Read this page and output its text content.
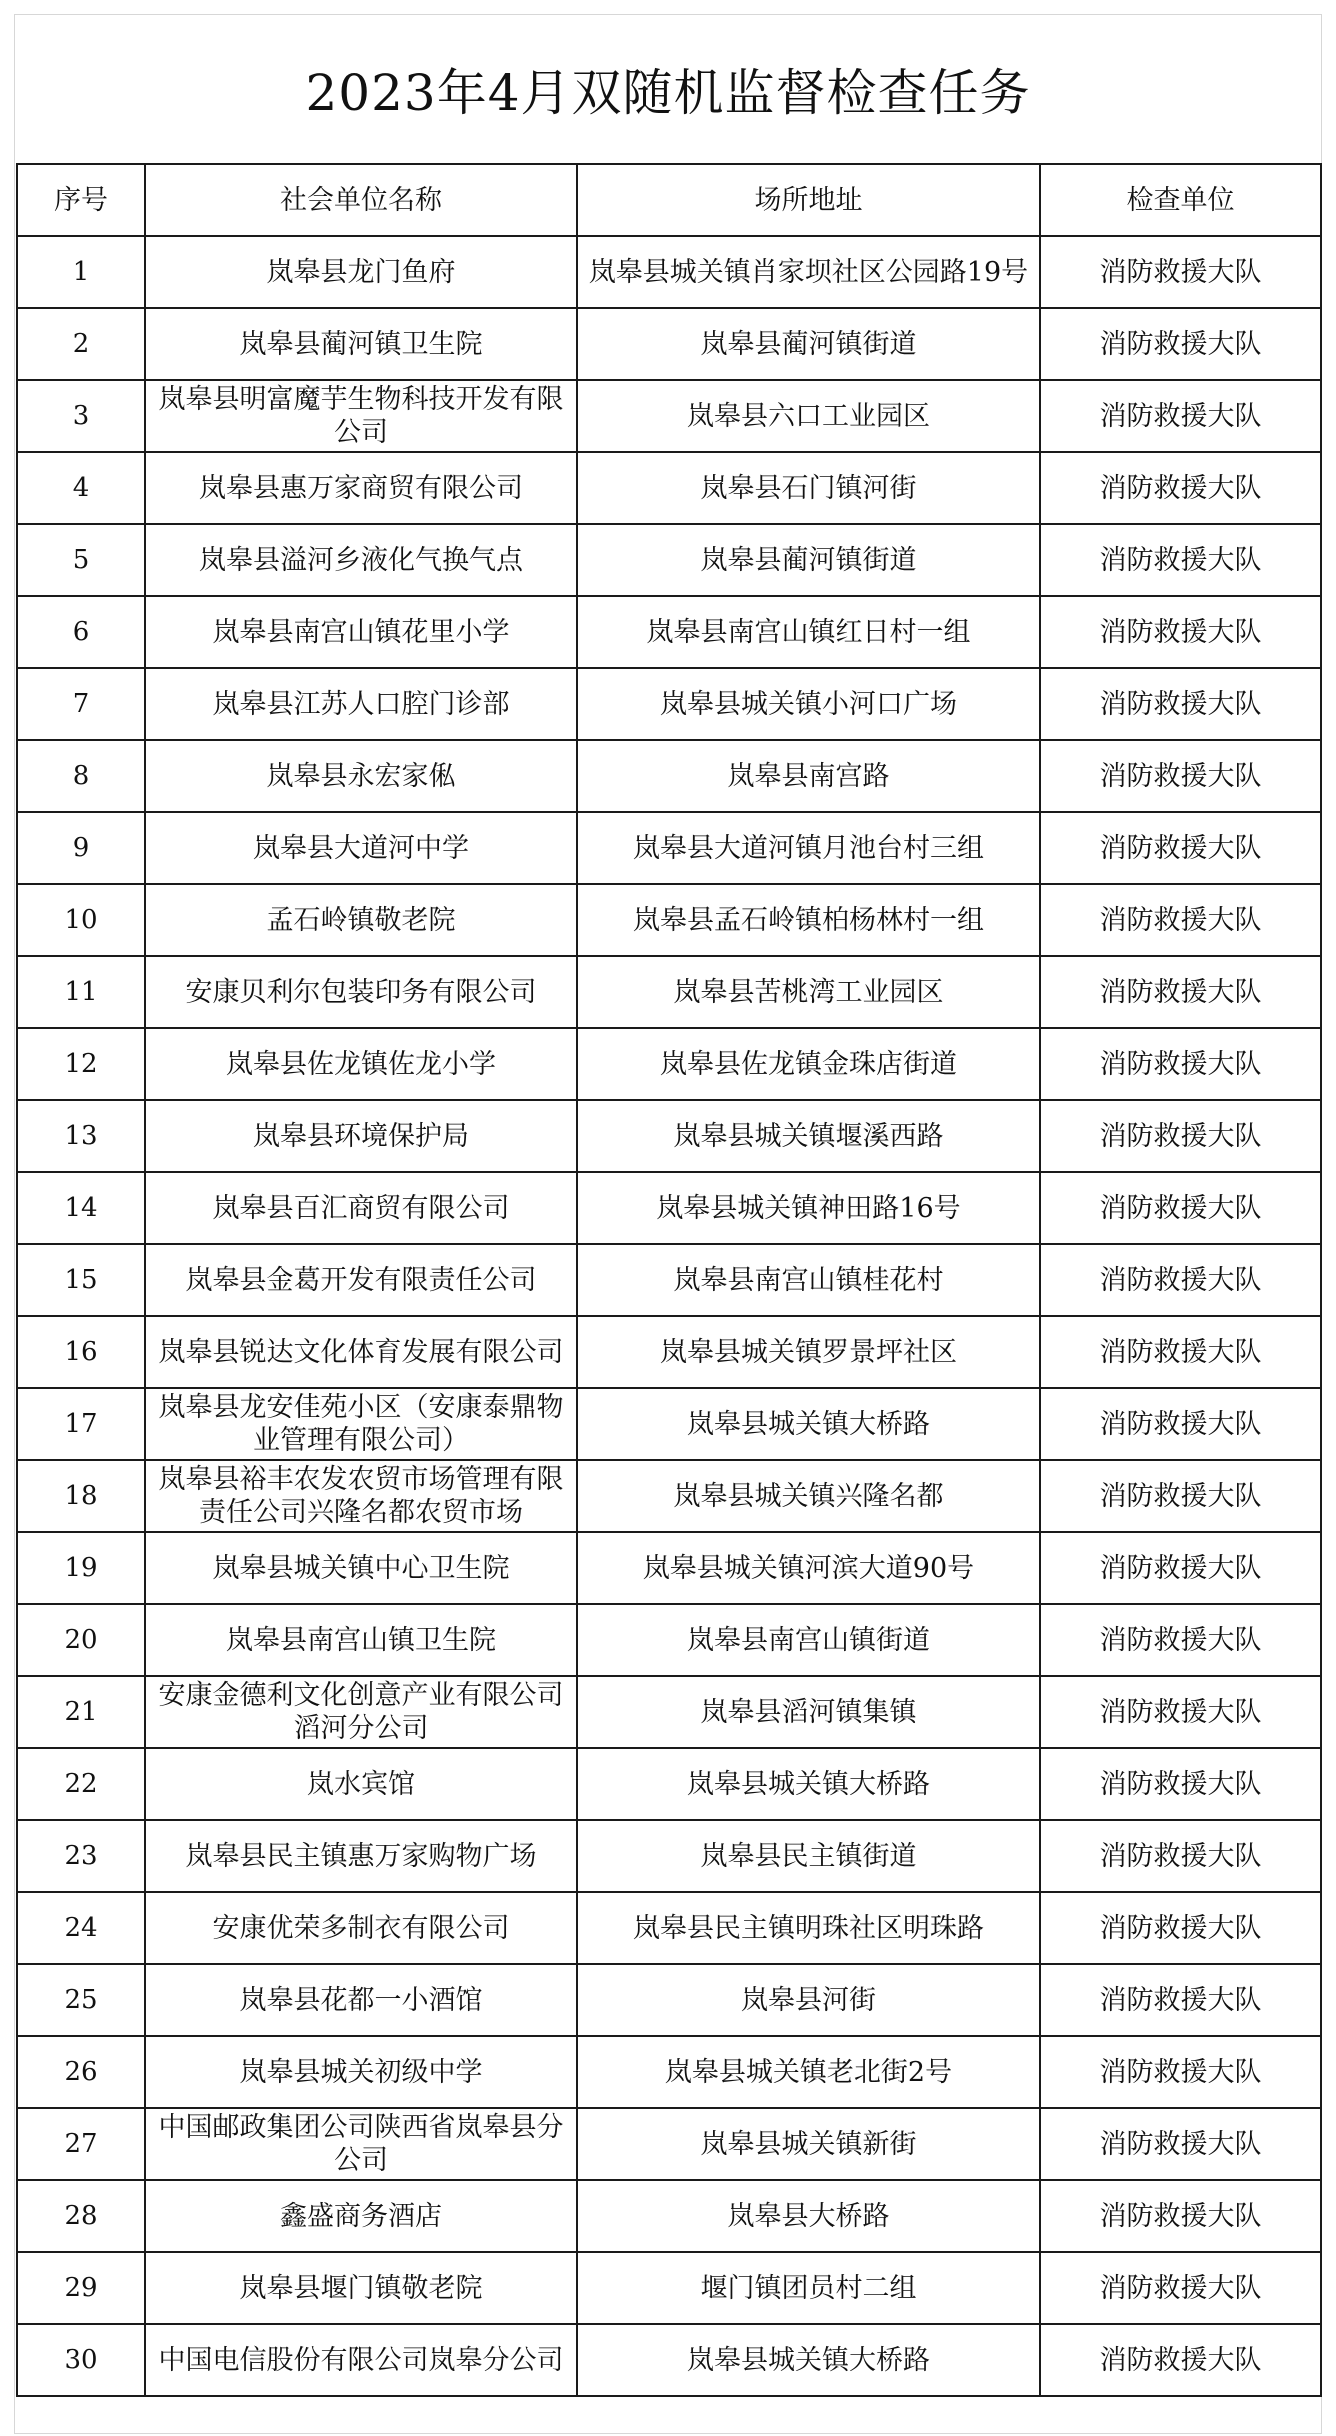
2023年4月双随机监督检查任务
序号	社会单位名称	场所地址	检查单位
1	岚皋县龙门鱼府	岚皋县城关镇肖家坝社区公园路19号	消防救援大队
2	岚皋县蔺河镇卫生院	岚皋县蔺河镇街道	消防救援大队
3	岚皋县明富魔芋生物科技开发有限公司	岚皋县六口工业园区	消防救援大队
4	岚皋县惠万家商贸有限公司	岚皋县石门镇河街	消防救援大队
5	岚皋县溢河乡液化气换气点	岚皋县蔺河镇街道	消防救援大队
6	岚皋县南宫山镇花里小学	岚皋县南宫山镇红日村一组	消防救援大队
7	岚皋县江苏人口腔门诊部	岚皋县城关镇小河口广场	消防救援大队
8	岚皋县永宏家俬	岚皋县南宫路	消防救援大队
9	岚皋县大道河中学	岚皋县大道河镇月池台村三组	消防救援大队
10	孟石岭镇敬老院	岚皋县孟石岭镇柏杨林村一组	消防救援大队
11	安康贝利尔包装印务有限公司	岚皋县苦桃湾工业园区	消防救援大队
12	岚皋县佐龙镇佐龙小学	岚皋县佐龙镇金珠店街道	消防救援大队
13	岚皋县环境保护局	岚皋县城关镇堰溪西路	消防救援大队
14	岚皋县百汇商贸有限公司	岚皋县城关镇神田路16号	消防救援大队
15	岚皋县金葛开发有限责任公司	岚皋县南宫山镇桂花村	消防救援大队
16	岚皋县锐达文化体育发展有限公司	岚皋县城关镇罗景坪社区	消防救援大队
17	岚皋县龙安佳苑小区（安康泰鼎物业管理有限公司）	岚皋县城关镇大桥路	消防救援大队
18	岚皋县裕丰农发农贸市场管理有限责任公司兴隆名都农贸市场	岚皋县城关镇兴隆名都	消防救援大队
19	岚皋县城关镇中心卫生院	岚皋县城关镇河滨大道90号	消防救援大队
20	岚皋县南宫山镇卫生院	岚皋县南宫山镇街道	消防救援大队
21	安康金德利文化创意产业有限公司滔河分公司	岚皋县滔河镇集镇	消防救援大队
22	岚水宾馆	岚皋县城关镇大桥路	消防救援大队
23	岚皋县民主镇惠万家购物广场	岚皋县民主镇街道	消防救援大队
24	安康优荣多制衣有限公司	岚皋县民主镇明珠社区明珠路	消防救援大队
25	岚皋县花都一小酒馆	岚皋县河街	消防救援大队
26	岚皋县城关初级中学	岚皋县城关镇老北街2号	消防救援大队
27	中国邮政集团公司陕西省岚皋县分公司	岚皋县城关镇新街	消防救援大队
28	鑫盛商务酒店	岚皋县大桥路	消防救援大队
29	岚皋县堰门镇敬老院	堰门镇团员村二组	消防救援大队
30	中国电信股份有限公司岚皋分公司	岚皋县城关镇大桥路	消防救援大队
